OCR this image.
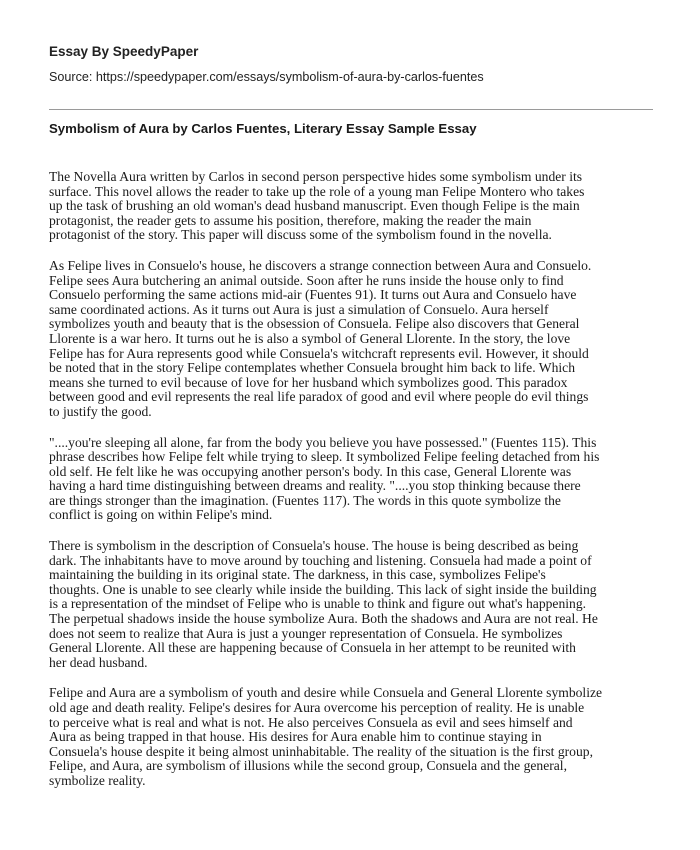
Essay By SpeedyPaper
Source: https://speedypaper.com/essays/symbolism-of-aura-by-carlos-fuentes
Symbolism of Aura by Carlos Fuentes, Literary Essay Sample Essay

The Novella Aura written by Carlos in second person perspective hides some symbolism under its
surface. This novel allows the reader to take up the role of a young man Felipe Montero who takes
up the task of brushing an old woman's dead husband manuscript. Even though Felipe is the main
protagonist, the reader gets to assume his position, therefore, making the reader the main
protagonist of the story. This paper will discuss some of the symbolism found in the novella.

As Felipe lives in Consuelo's house, he discovers a strange connection between Aura and Consuelo.
Felipe sees Aura butchering an animal outside. Soon after he runs inside the house only to find
Consuelo performing the same actions mid-air (Fuentes 91). It turns out Aura and Consuelo have
same coordinated actions. As it turns out Aura is just a simulation of Consuelo. Aura herself
symbolizes youth and beauty that is the obsession of Consuela. Felipe also discovers that General
Llorente is a war hero. It turns out he is also a symbol of General Llorente. In the story, the love
Felipe has for Aura represents good while Consuela's witchcraft represents evil. However, it should
be noted that in the story Felipe contemplates whether Consuela brought him back to life. Which
means she turned to evil because of love for her husband which symbolizes good. This paradox
between good and evil represents the real life paradox of good and evil where people do evil things
to justify the good.

"....you're sleeping all alone, far from the body you believe you have possessed." (Fuentes 115). This
phrase describes how Felipe felt while trying to sleep. It symbolized Felipe feeling detached from his
old self. He felt like he was occupying another person's body. In this case, General Llorente was
having a hard time distinguishing between dreams and reality. "....you stop thinking because there
are things stronger than the imagination. (Fuentes 117). The words in this quote symbolize the
conflict is going on within Felipe's mind.

There is symbolism in the description of Consuela's house. The house is being described as being
dark. The inhabitants have to move around by touching and listening. Consuela had made a point of
maintaining the building in its original state. The darkness, in this case, symbolizes Felipe's
thoughts. One is unable to see clearly while inside the building. This lack of sight inside the building
is a representation of the mindset of Felipe who is unable to think and figure out what's happening.
The perpetual shadows inside the house symbolize Aura. Both the shadows and Aura are not real. He
does not seem to realize that Aura is just a younger representation of Consuela. He symbolizes
General Llorente. All these are happening because of Consuela in her attempt to be reunited with
her dead husband.

Felipe and Aura are a symbolism of youth and desire while Consuela and General Llorente symbolize
old age and death reality. Felipe's desires for Aura overcome his perception of reality. He is unable
to perceive what is real and what is not. He also perceives Consuela as evil and sees himself and
Aura as being trapped in that house. His desires for Aura enable him to continue staying in
Consuela's house despite it being almost uninhabitable. The reality of the situation is the first group,
Felipe, and Aura, are symbolism of illusions while the second group, Consuela and the general,
symbolize reality.
